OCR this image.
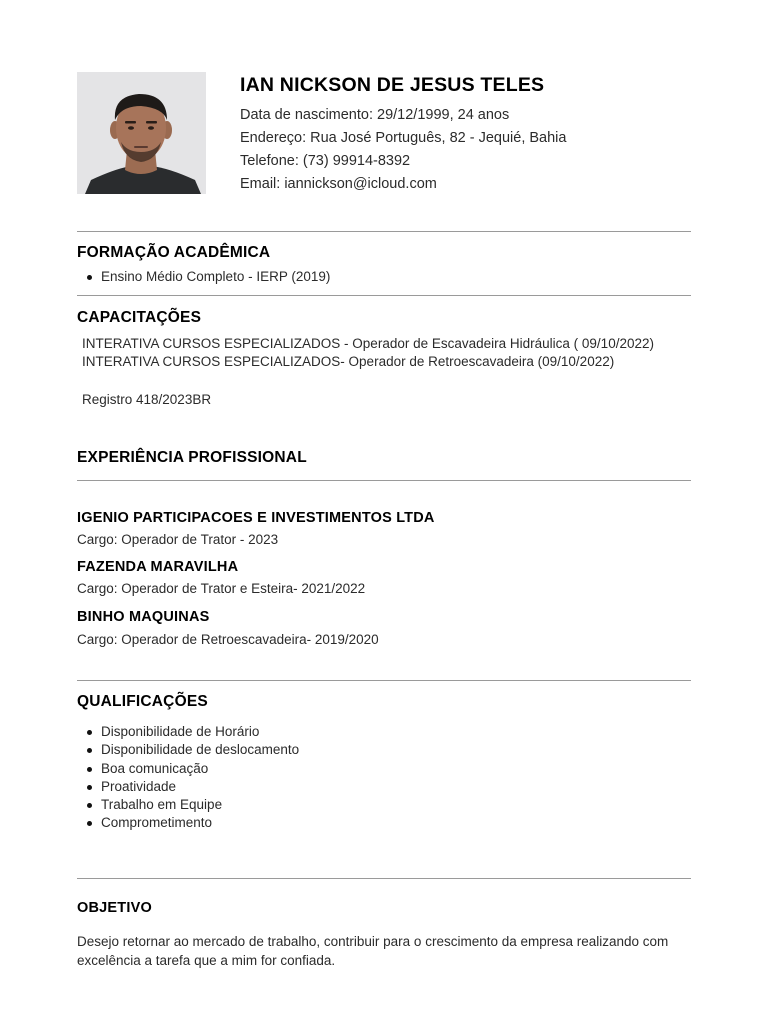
IAN NICKSON DE JESUS TELES
Data de nascimento: 29/12/1999, 24 anos
Endereço: Rua José Português, 82 - Jequié, Bahia
Telefone: (73) 99914-8392
Email: iannickson@icloud.com
FORMAÇÃO ACADÊMICA
Ensino Médio Completo - IERP (2019)
CAPACITAÇÕES
INTERATIVA CURSOS ESPECIALIZADOS - Operador de Escavadeira Hidráulica ( 09/10/2022)
INTERATIVA CURSOS ESPECIALIZADOS- Operador de Retroescavadeira (09/10/2022)
Registro 418/2023BR
EXPERIÊNCIA PROFISSIONAL
IGENIO PARTICIPACOES E INVESTIMENTOS LTDA
Cargo: Operador de Trator - 2023
FAZENDA MARAVILHA
Cargo: Operador de Trator e Esteira- 2021/2022
BINHO MAQUINAS
Cargo: Operador de Retroescavadeira- 2019/2020
QUALIFICAÇÕES
Disponibilidade de Horário
Disponibilidade de deslocamento
Boa comunicação
Proatividade
Trabalho em Equipe
Comprometimento
OBJETIVO
Desejo retornar ao mercado de trabalho, contribuir para o crescimento da empresa realizando com excelência a tarefa que a mim for confiada.
